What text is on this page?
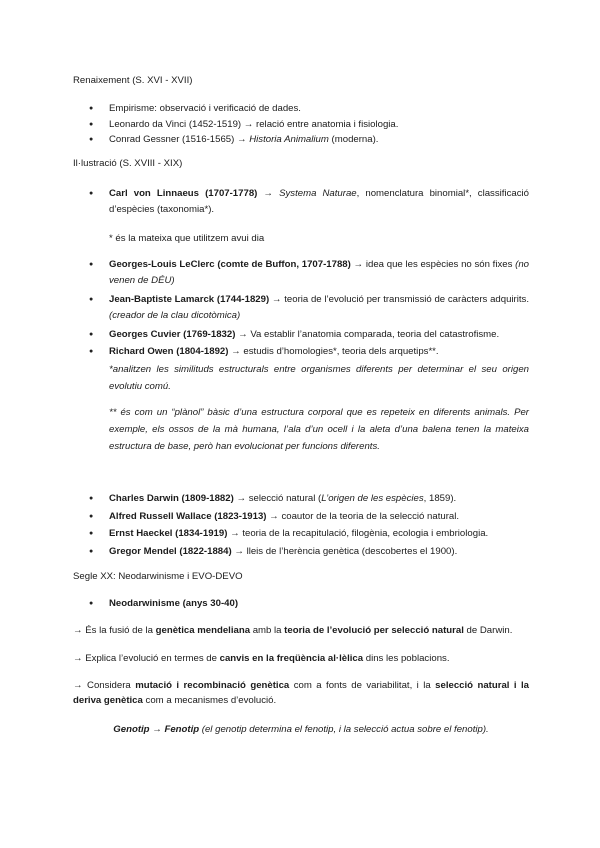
Renaixement (S. XVI - XVII)
● Empirisme: observació i verificació de dades.
● Leonardo da Vinci (1452-1519) → relació entre anatomia i fisiologia.
● Conrad Gessner (1516-1565) → Historia Animalium (moderna).
Il·lustració (S. XVIII - XIX)
● Carl von Linnaeus (1707-1778) → Systema Naturae, nomenclatura binomial*, classificació d’espècies (taxonomia*).
* és la mateixa que utilitzem avui dia
● Georges-Louis LeClerc (comte de Buffon, 1707-1788) → idea que les espècies no són fixes (no venen de DÉU)
● Jean-Baptiste Lamarck (1744-1829) → teoria de l’evolució per transmissió de caràcters adquirits. (creador de la clau dicotòmica)
● Georges Cuvier (1769-1832) → Va establir l’anatomia comparada, teoria del catastrofisme.
● Richard Owen (1804-1892) → estudis d’homologies*, teoria dels arquetips**.
*analitzen les similituds estructurals entre organismes diferents per determinar el seu origen evolutiu comú.
** és com un “plànol” bàsic d’una estructura corporal que es repeteix en diferents animals. Per exemple, els ossos de la mà humana, l’ala d’un ocell i la aleta d’una balena tenen la mateixa estructura de base, però han evolucionat per funcions diferents.
● Charles Darwin (1809-1882) → selecció natural (L’origen de les espècies, 1859).
● Alfred Russell Wallace (1823-1913) → coautor de la teoria de la selecció natural.
● Ernst Haeckel (1834-1919) → teoria de la recapitulació, filogènia, ecologia i embriologia.
● Gregor Mendel (1822-1884) → lleis de l’herència genètica (descobertes el 1900).
Segle XX: Neodarwinisme i EVO-DEVO
● Neodarwinisme (anys 30-40)
→ És la fusió de la genètica mendeliana amb la teoria de l’evolució per selecció natural de Darwin.
→ Explica l’evolució en termes de canvis en la freqüència al·lèlica dins les poblacions.
→ Considera mutació i recombinació genètica com a fonts de variabilitat, i la selecció natural i la deriva genètica com a mecanismes d’evolució.
Genotip → Fenotip (el genotip determina el fenotip, i la selecció actua sobre el fenotip).
